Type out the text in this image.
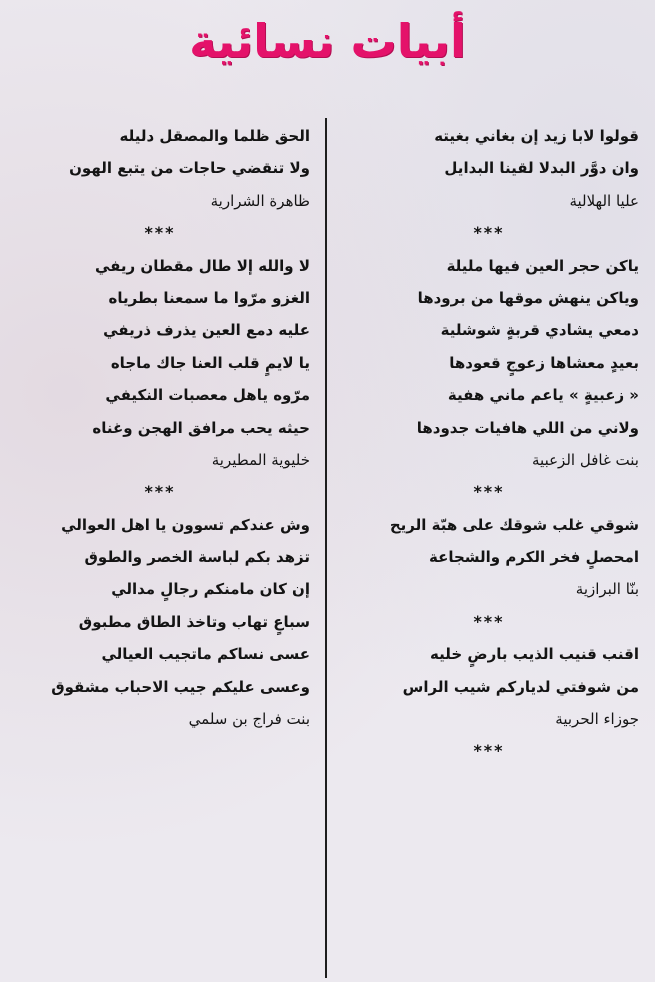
أبيات نسائية
قولوا لابا زيد إن بغاني بغيته
وان دوَّر البدلا لقينا البدايل
عليا الهلالية
***
ياكن حجر العين فيها مليلة
وياكن ينهش موقها من برودها
دمعي يشادي قربةٍ شوشلية
بعيدٍ معشاها زعوجٍ قعودها
« زعبيةٍ » ياعم ماني هفية
ولاني من اللي هافيات جدودها
بنت غافل الزعبية
***
شوقي غلب شوقك على هبّة الريح
امحصلٍ فخر الكرم والشجاعة
بنّا البرازية
***
اقنب قنيب الذيب بارضٍ خليه
من شوفتي لدياركم شيب الراس
جوزاء الحربية
***
الحق ظلما والمصقل دليله
ولا تنقضي حاجات من يتبع الهون
ظاهرة الشرارية
***
لا والله إلا طال مقطان ريفي
الغزو مرّوا ما سمعنا بطرياه
عليه دمع العين يذرف ذريفي
يا لايمٍ قلب العنا جاك ماجاه
مرّوه ياهل معصبات النكيفي
حيثه يحب مرافق الهجن وغناه
خليوية المطيرية
***
وش عندكم تسوون يا اهل العوالي
تزهد بكم لباسة الخصر والطوق
إن كان مامنكم رجالٍ مدالي
سباعٍ تهاب وتاخذ الطاق مطبوق
عسى نساكم ماتجيب العيالي
وعسى عليكم جيب الاحباب مشقوق
بنت فراج بن سلمي
